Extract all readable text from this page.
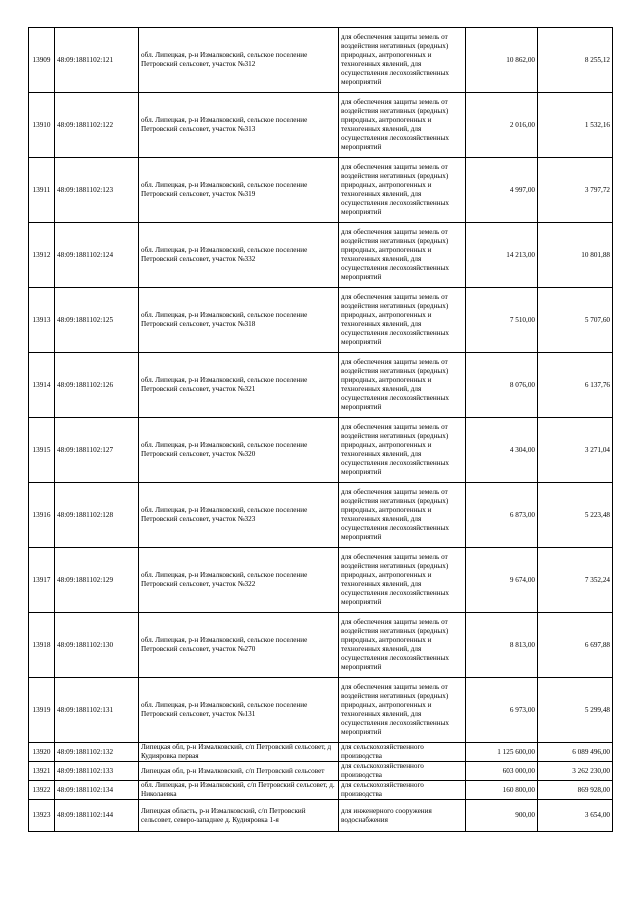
13909	48:09:1881102:121	обл. Липецкая, р-н Измалковский, сельское поселение Петровский сельсовет, участок №312	для обеспечения защиты земель от воздействия негативных (вредных) природных, антропогенных и техногенных явлений, для осуществления лесохозяйственных мероприятий	10 862,00	8 255,12
13910	48:09:1881102:122	обл. Липецкая, р-н Измалковский, сельское поселение Петровский сельсовет, участок №313	для обеспечения защиты земель от воздействия негативных (вредных) природных, антропогенных и техногенных явлений, для осуществления лесохозяйственных мероприятий	2 016,00	1 532,16
13911	48:09:1881102:123	обл. Липецкая, р-н Измалковский, сельское поселение Петровский сельсовет, участок №319	для обеспечения защиты земель от воздействия негативных (вредных) природных, антропогенных и техногенных явлений, для осуществления лесохозяйственных мероприятий	4 997,00	3 797,72
13912	48:09:1881102:124	обл. Липецкая, р-н Измалковский, сельское поселение Петровский сельсовет, участок №332	для обеспечения защиты земель от воздействия негативных (вредных) природных, антропогенных и техногенных явлений, для осуществления лесохозяйственных мероприятий	14 213,00	10 801,88
13913	48:09:1881102:125	обл. Липецкая, р-н Измалковский, сельское поселение Петровский сельсовет, участок №318	для обеспечения защиты земель от воздействия негативных (вредных) природных, антропогенных и техногенных явлений, для осуществления лесохозяйственных мероприятий	7 510,00	5 707,60
13914	48:09:1881102:126	обл. Липецкая, р-н Измалковский, сельское поселение Петровский сельсовет, участок №321	для обеспечения защиты земель от воздействия негативных (вредных) природных, антропогенных и техногенных явлений, для осуществления лесохозяйственных мероприятий	8 076,00	6 137,76
13915	48:09:1881102:127	обл. Липецкая, р-н Измалковский, сельское поселение Петровский сельсовет, участок №320	для обеспечения защиты земель от воздействия негативных (вредных) природных, антропогенных и техногенных явлений, для осуществления лесохозяйственных мероприятий	4 304,00	3 271,04
13916	48:09:1881102:128	обл. Липецкая, р-н Измалковский, сельское поселение Петровский сельсовет, участок №323	для обеспечения защиты земель от воздействия негативных (вредных) природных, антропогенных и техногенных явлений, для осуществления лесохозяйственных мероприятий	6 873,00	5 223,48
13917	48:09:1881102:129	обл. Липецкая, р-н Измалковский, сельское поселение Петровский сельсовет, участок №322	для обеспечения защиты земель от воздействия негативных (вредных) природных, антропогенных и техногенных явлений, для осуществления лесохозяйственных мероприятий	9 674,00	7 352,24
13918	48:09:1881102:130	обл. Липецкая, р-н Измалковский, сельское поселение Петровский сельсовет, участок №270	для обеспечения защиты земель от воздействия негативных (вредных) природных, антропогенных и техногенных явлений, для осуществления лесохозяйственных мероприятий	8 813,00	6 697,88
13919	48:09:1881102:131	обл. Липецкая, р-н Измалковский, сельское поселение Петровский сельсовет, участок №131	для обеспечения защиты земель от воздействия негативных (вредных) природных, антропогенных и техногенных явлений, для осуществления лесохозяйственных мероприятий	6 973,00	5 299,48
13920	48:09:1881102:132	Липецкая обл, р-н Измалковский, с/п Петровский сельсовет, д Кудияровка первая	для сельскохозяйственного производства	1 125 600,00	6 089 496,00
13921	48:09:1881102:133	Липецкая обл, р-н Измалковский, с/п Петровский сельсовет	для сельскохозяйственного производства	603 000,00	3 262 230,00
13922	48:09:1881102:134	обл. Липецкая, р-н Измалковский, с/п Петровский сельсовет, д. Николаевка	для сельскохозяйственного производства	160 800,00	869 928,00
13923	48:09:1881102:144	Липецкая область, р-н Измалковский, с/п Петровский сельсовет, северо-западнее д. Кудияровка 1-я	для инженерного сооружения водоснабжения	900,00	3 654,00
